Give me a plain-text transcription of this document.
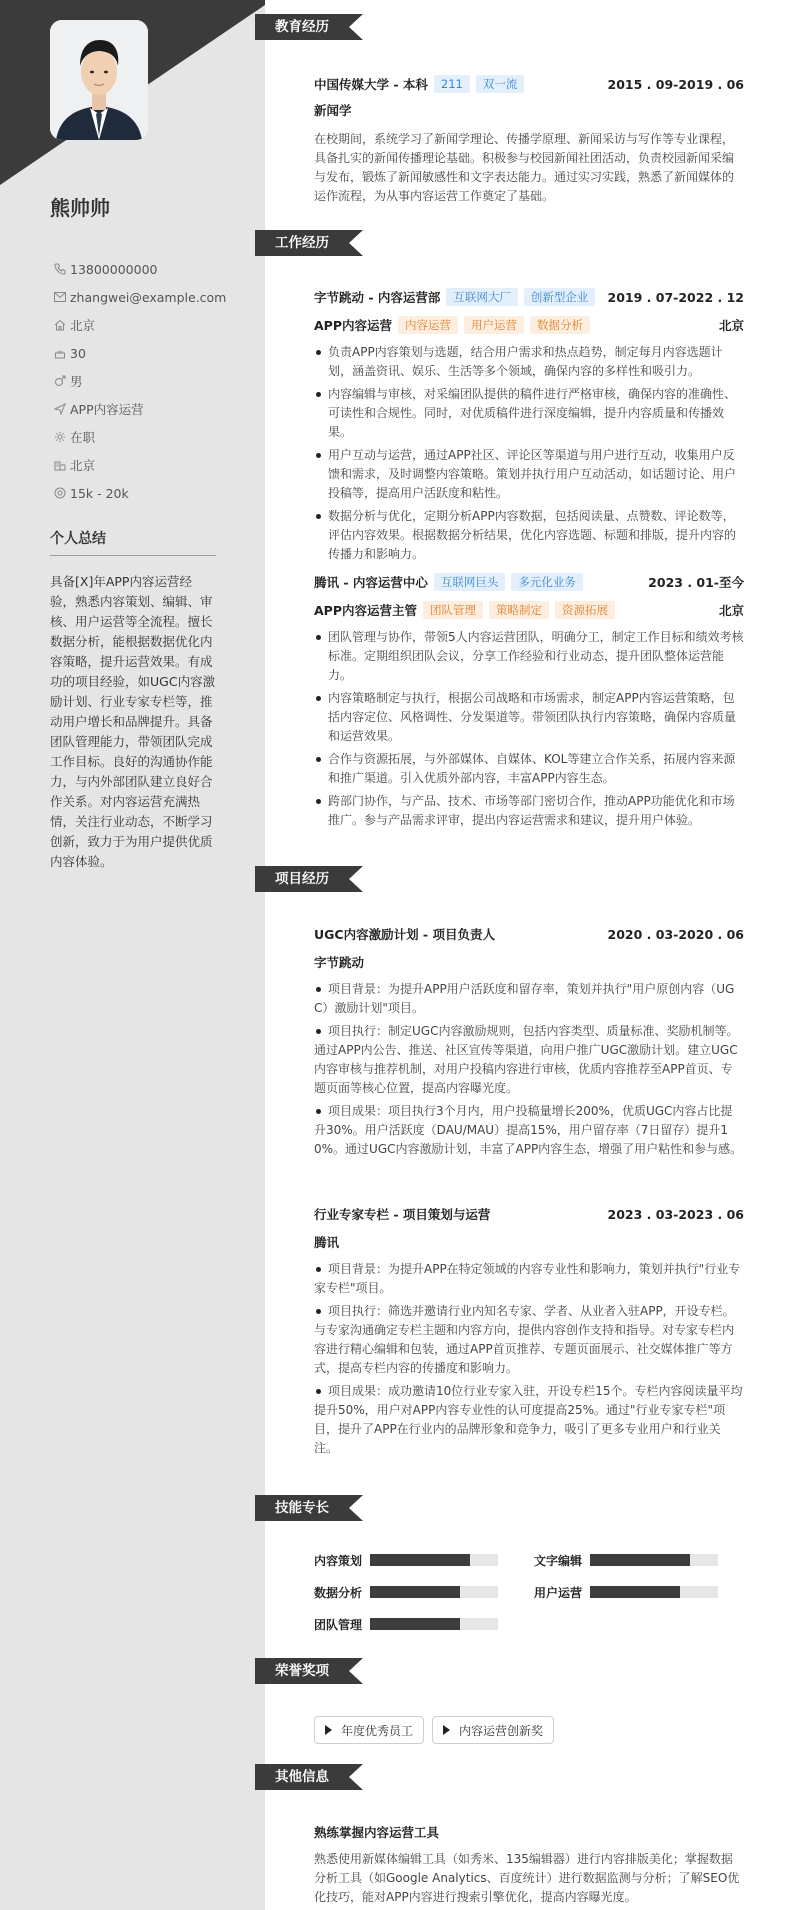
熊帅帅
13800000000
zhangwei@example.com
北京
30
男
APP内容运营
在职
北京
15k - 20k
个人总结
具备[X]年APP内容运营经验，熟悉内容策划、编辑、审核、用户运营等全流程。擅长数据分析，能根据数据优化内容策略，提升运营效果。有成功的项目经验，如UGC内容激励计划、行业专家专栏等，推动用户增长和品牌提升。具备团队管理能力，带领团队完成工作目标。良好的沟通协作能力，与内外部团队建立良好合作关系。对内容运营充满热情，关注行业动态，不断学习创新，致力于为用户提供优质内容体验。
教育经历
中国传媒大学 - 本科	211	双一流	2015 . 09-2019 . 06
新闻学
在校期间，系统学习了新闻学理论、传播学原理、新闻采访与写作等专业课程，具备扎实的新闻传播理论基础。积极参与校园新闻社团活动，负责校园新闻采编与发布，锻炼了新闻敏感性和文字表达能力。通过实习实践，熟悉了新闻媒体的运作流程，为从事内容运营工作奠定了基础。
工作经历
字节跳动 - 内容运营部	互联网大厂	创新型企业	2019 . 07-2022 . 12
APP内容运营	内容运营	用户运营	数据分析	北京
负责APP内容策划与选题，结合用户需求和热点趋势，制定每月内容选题计划，涵盖资讯、娱乐、生活等多个领域，确保内容的多样性和吸引力。
内容编辑与审核，对采编团队提供的稿件进行严格审核，确保内容的准确性、可读性和合规性。同时，对优质稿件进行深度编辑，提升内容质量和传播效果。
用户互动与运营，通过APP社区、评论区等渠道与用户进行互动，收集用户反馈和需求，及时调整内容策略。策划并执行用户互动活动，如话题讨论、用户投稿等，提高用户活跃度和粘性。
数据分析与优化，定期分析APP内容数据，包括阅读量、点赞数、评论数等，评估内容效果。根据数据分析结果，优化内容选题、标题和排版，提升内容的传播力和影响力。
腾讯 - 内容运营中心	互联网巨头	多元化业务	2023 . 01-至今
APP内容运营主管	团队管理	策略制定	资源拓展	北京
团队管理与协作，带领5人内容运营团队，明确分工，制定工作目标和绩效考核标准。定期组织团队会议，分享工作经验和行业动态，提升团队整体运营能力。
内容策略制定与执行，根据公司战略和市场需求，制定APP内容运营策略，包括内容定位、风格调性、分发渠道等。带领团队执行内容策略，确保内容质量和运营效果。
合作与资源拓展，与外部媒体、自媒体、KOL等建立合作关系，拓展内容来源和推广渠道。引入优质外部内容，丰富APP内容生态。
跨部门协作，与产品、技术、市场等部门密切合作，推动APP功能优化和市场推广。参与产品需求评审，提出内容运营需求和建议，提升用户体验。
项目经历
UGC内容激励计划 - 项目负责人	2020 . 03-2020 . 06
字节跳动
项目背景：为提升APP用户活跃度和留存率，策划并执行"用户原创内容（UGC）激励计划"项目。
项目执行：制定UGC内容激励规则，包括内容类型、质量标准、奖励机制等。通过APP内公告、推送、社区宣传等渠道，向用户推广UGC激励计划。建立UGC内容审核与推荐机制，对用户投稿内容进行审核，优质内容推荐至APP首页、专题页面等核心位置，提高内容曝光度。
项目成果：项目执行3个月内，用户投稿量增长200%，优质UGC内容占比提升30%。用户活跃度（DAU/MAU）提高15%，用户留存率（7日留存）提升10%。通过UGC内容激励计划，丰富了APP内容生态，增强了用户粘性和参与感。
行业专家专栏 - 项目策划与运营	2023 . 03-2023 . 06
腾讯
项目背景：为提升APP在特定领域的内容专业性和影响力，策划并执行"行业专家专栏"项目。
项目执行：筛选并邀请行业内知名专家、学者、从业者入驻APP，开设专栏。与专家沟通确定专栏主题和内容方向，提供内容创作支持和指导。对专家专栏内容进行精心编辑和包装，通过APP首页推荐、专题页面展示、社交媒体推广等方式，提高专栏内容的传播度和影响力。
项目成果：成功邀请10位行业专家入驻，开设专栏15个。专栏内容阅读量平均提升50%，用户对APP内容专业性的认可度提高25%。通过"行业专家专栏"项目，提升了APP在行业内的品牌形象和竞争力，吸引了更多专业用户和行业关注。
技能专长
内容策划	文字编辑
数据分析	用户运营
团队管理
荣誉奖项
年度优秀员工	内容运营创新奖
其他信息
熟练掌握内容运营工具
熟悉使用新媒体编辑工具（如秀米、135编辑器）进行内容排版美化；掌握数据分析工具（如Google Analytics、百度统计）进行数据监测与分析；了解SEO优化技巧，能对APP内容进行搜索引擎优化，提高内容曝光度。
